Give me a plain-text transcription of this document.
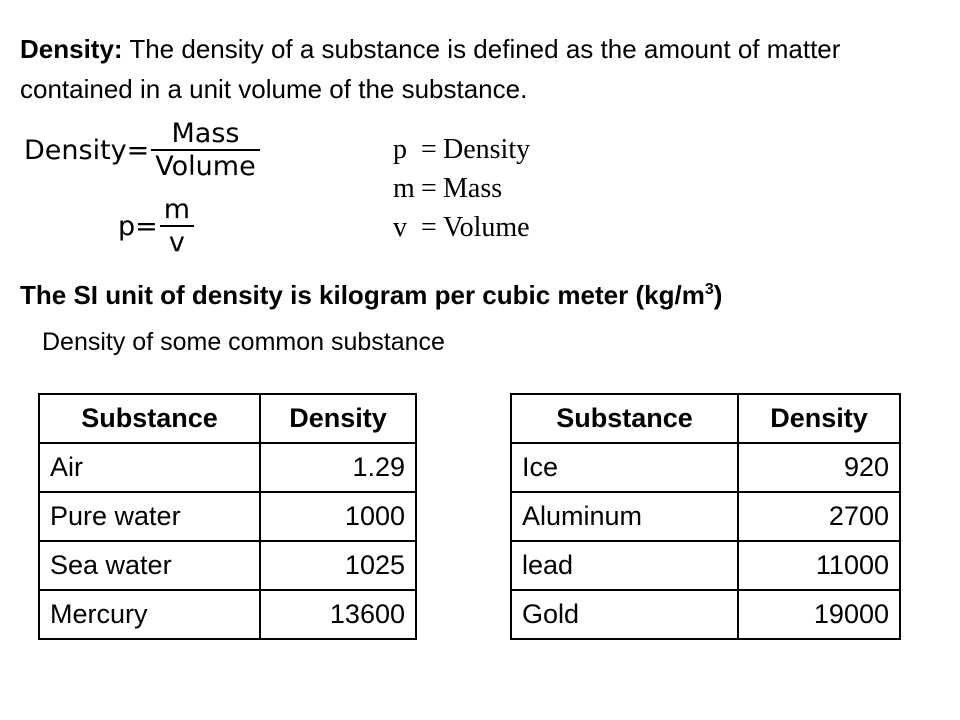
Density: The density of a substance is defined as the amount of matter contained in a unit volume of the substance.
Density = $\frac{\text{Mass}}{\text{Volume}}$
$p = \frac{m}{v}$
p = Density
m = Mass
v = Volume
The SI unit of density is kilogram per cubic meter $(kg/m^3)$
Density of some common substance
Substance	Density
Air	1.29
Pure water	1000
Sea water	1025
Mercury	13600
Substance	Density
Ice	920
Aluminum	2700
lead	11000
Gold	19000
